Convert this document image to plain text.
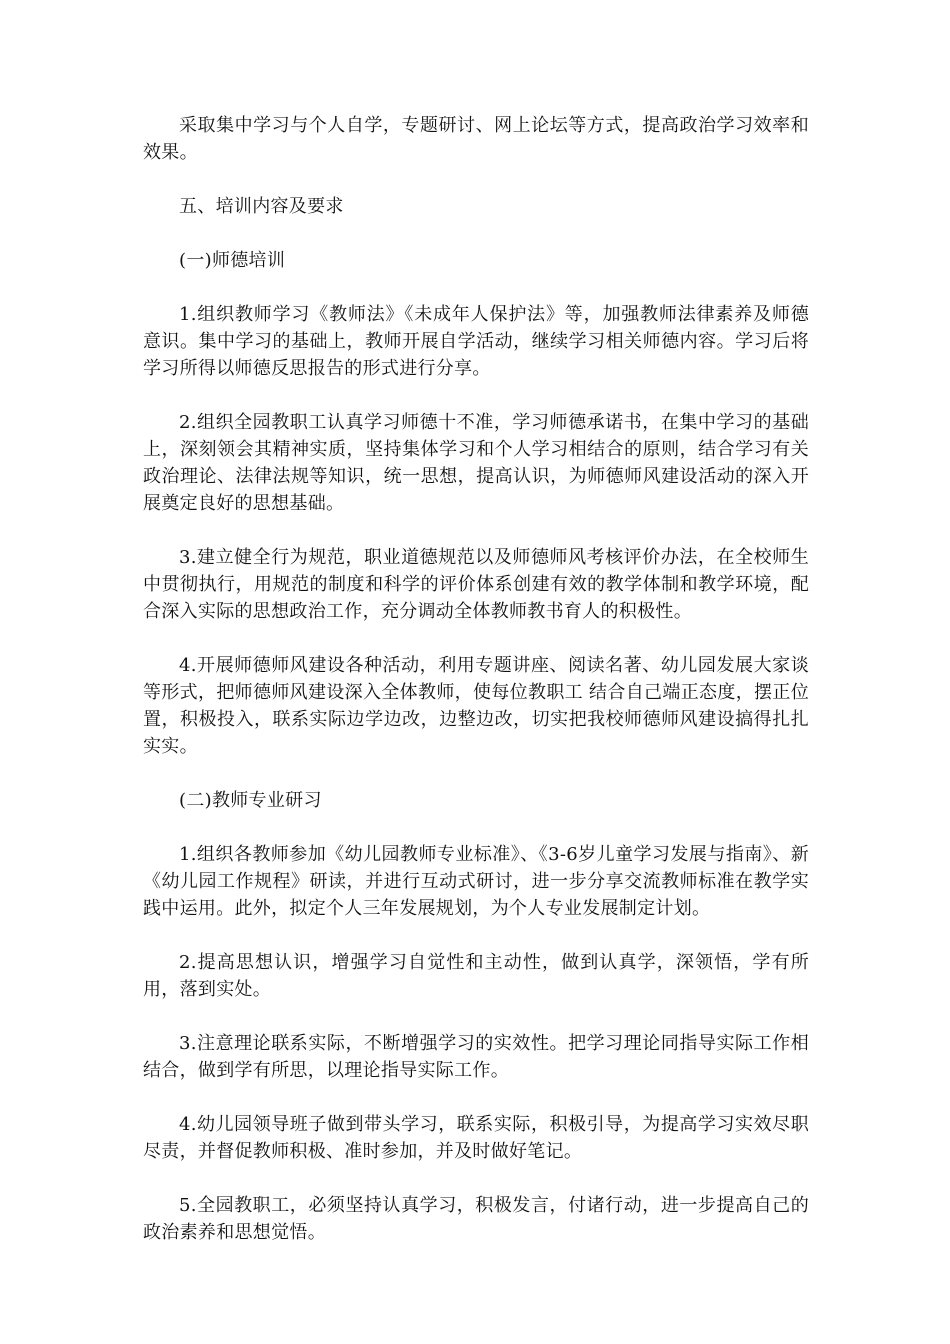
采取集中学习与个人自学，专题研讨、网上论坛等方式，提高政治学习效率和效果。

五、培训内容及要求

(一)师德培训

1.组织教师学习《教师法》《未成年人保护法》等，加强教师法律素养及师德意识。集中学习的基础上，教师开展自学活动，继续学习相关师德内容。学习后将学习所得以师德反思报告的形式进行分享。

2.组织全园教职工认真学习师德十不准，学习师德承诺书，在集中学习的基础上，深刻领会其精神实质，坚持集体学习和个人学习相结合的原则，结合学习有关政治理论、法律法规等知识，统一思想，提高认识，为师德师风建设活动的深入开展奠定良好的思想基础。

3.建立健全行为规范，职业道德规范以及师德师风考核评价办法，在全校师生中贯彻执行，用规范的制度和科学的评价体系创建有效的教学体制和教学环境，配合深入实际的思想政治工作，充分调动全体教师教书育人的积极性。

4.开展师德师风建设各种活动，利用专题讲座、阅读名著、幼儿园发展大家谈等形式，把师德师风建设深入全体教师，使每位教职工 结合自己端正态度，摆正位置，积极投入，联系实际边学边改，边整边改，切实把我校师德师风建设搞得扎扎实实。

(二)教师专业研习

1.组织各教师参加《幼儿园教师专业标准》、《3-6岁儿童学习发展与指南》、新《幼儿园工作规程》研读，并进行互动式研讨，进一步分享交流教师标准在教学实践中运用。此外，拟定个人三年发展规划，为个人专业发展制定计划。

2.提高思想认识，增强学习自觉性和主动性，做到认真学，深领悟，学有所用，落到实处。

3.注意理论联系实际，不断增强学习的实效性。把学习理论同指导实际工作相结合，做到学有所思，以理论指导实际工作。

4.幼儿园领导班子做到带头学习，联系实际，积极引导，为提高学习实效尽职尽责，并督促教师积极、准时参加，并及时做好笔记。

5.全园教职工，必须坚持认真学习，积极发言，付诸行动，进一步提高自己的政治素养和思想觉悟。
